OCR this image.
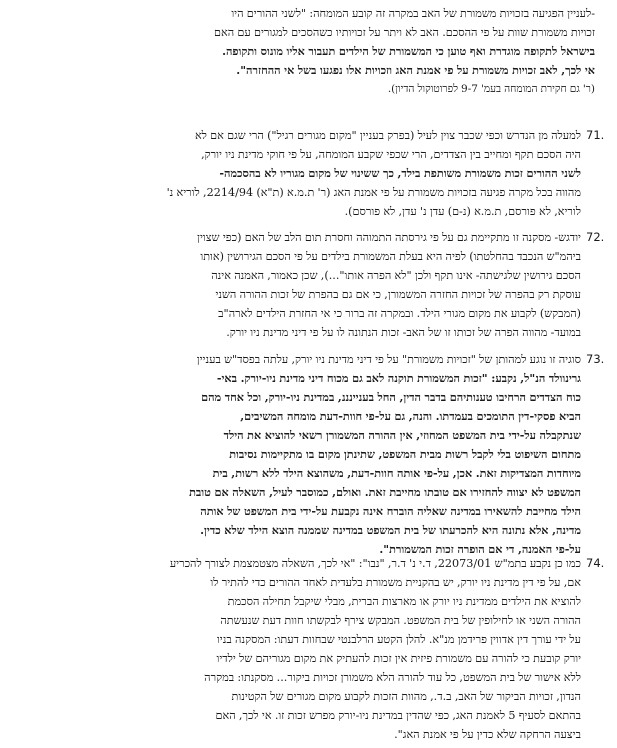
-לעניין הפגיעה בזכויות משמורת של האב במקרה זה קובע המומחה: "לשני ההורים היו
זכויות משמורת שוות על פי ההסכם. האב לא ויתר על זכויותיו כשהסכים למגורים עם האם
בישראל לתקופה מוגדרת ואף טוען כי המשמורת של הילדים תעבור אליו מונוס ותקופה.
אי לכך, לאב זכויות משמורת על פי אמנת האג וזכויות אלו נפגעו בשל אי ההחזרה".
(ר' גם חקירת המומחה בעמ' 9-7 לפרוטוקול הדיון).
71.
למעלה מן הנדרש וכפי שכבר צוין לעיל (בפרק בעניין "מקום מגורים רגיל") הרי שגם אם לא
היה הסכם תקף ומחייב בין הצדדים, הרי שכפי שקבע המומחה, על פי חוקי מדינת ניו יורק,
לשני ההורים זכות משמורת משותפת בילד, כך ששינוי של מקום מגוריו לא בהסכמה-
מהווה בכל מקרה פגיעה בזכויות משמורת על פי אמנת האג (ר' ת.מ.א (ת"א) 2214/94, לוריא נ'
לוריא, לא פורסם, ת.מ.א (נ-ם) עדן נ' עדן, לא פורסם).
72.
יודגש- מסקנה זו מתקיימת גם על פי גירסתה התמוהה וחסרת תום הלב של האם (כפי שצוין
ביהמ"ש הנכבד בהחלטתו) לפיה היא בעלת המשמורת בילדים על פי הסכם הגירושין (אותו
הסכם גירושין שלגישתה- אינו תקף ולכן "לא הפרה אותו"...), שכן כאמור, האמנה אינה
עוסקת רק בהפרה של זכויות החזרה המשמורן, כי אם גם בהפרת של זכות ההורה השני
(המבקש) לקבוע את מקום מגורי הילד. ובמקרה זה ברור כי אי החזרת הילדים לארה"ב
במועד- מהווה הפרה של זכותו זו של האב- זכות הנתונה לו על פי דיני מדינת ניו יורק.
73.
סוגיה זו נוגע למהותן של "זכויות משמורת" על פי דיני מדינת ניו יורק, עלתה בפסד"ש בעניין
גרינוולד הנ"ל, נקבע: "זכות המשמורת תוקנה לאב גם מכוח דיני מדינת ניו-יורק. באי-
כוח הצדדים הרחיבו טענותיהם בדבר הדין, החל בעניינננ, במדינת ניו-יורק, וכל אחד מהם
הביא פסקי-דין התומכים בעמדתו. והנה, גם על-פי חוות-דעת מומחה המשיבים,
שנתקבלה על-ידי בית המשפט המחוזי, אין ההורה המשמורן רשאי להוציא את הילד
מתחום השיפוט בלי לקבל רשות מבית המשפט, שתינתן מקום בו מתקיימות נסיבות
מיוחדות המצדיקות זאת. אכן, על-פי אותה חוות-דעת, משהוצא הילד ללא רשות, בית
המשפט לא יצווה להחזירו אם טובתו מחייבת זאת. ואולם, כמוסבר לעיל, השאלה אם טובת
הילד מחייבת להשאירו במדינה שאליה הוברח אינה נקבעת על-ידי בית המשפט של אותה
מדינה, אלא נתונה היא להכרעתו של בית המשפט במדינה שממנה הוצא הילד שלא כדין.
על-פי האמנה, די אם הופרה זכות המשמורת".
74.
כמו כן נקבע בתמ"ש 22073/01, ד.י נ' ד.ר, "נבו": "אי לכך, השאלה מצטמצמת לצורך להכריע
אם, על פי דין מדינת ניו יורק, יש בהקניית משמורת בלעדית לאחד ההורים כדי להתיר לו
להוציא את הילדים ממדינת ניו יורק או מארצות הברית, מבלי שיקבל תחילה הסכמת
ההורה השני או לחילופין של בית המשפט. המבקש צירף לבקשתו חוות דעת שנעשתה
על ידי עורך דין אדווין פרידמן מנ"א. להלן הקטע הרלבנטי שבחוות דעתו: המסקנה בניו
יורק קובעת כי להורה עם משמורת פיזית אין זכות להעתיק את מקום מגוריהם של ילדיו
ללא אישור של בית המשפט, כל עוד להורה הלא משמורן זכויות ביקור... מסקנתו: במקרה
הנדון, זכויות הביקור של האב, ב.ד., מהוות הזכות לקבוע מקום מגורים של הקטינות
בהתאם לסעיף 5 לאמנת האג, כפי שהדין במדינת ניו-יורק מפרש זכות זו. אי לכך, האם
ביצעה הרחקה שלא כדין על פי אמנת האג".
